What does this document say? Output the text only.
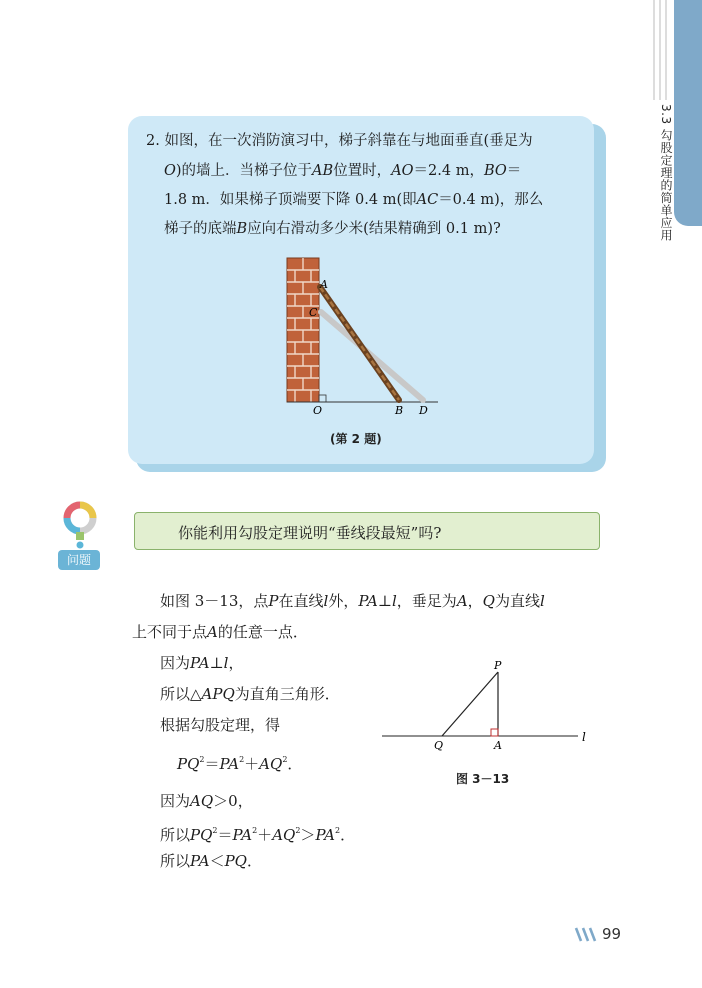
3.3 勾股定理的简单应用
2. 如图，在一次消防演习中，梯子斜靠在与地面垂直(垂足为
O)的墙上．当梯子位于AB位置时，AO＝2.4 m，BO＝
1.8 m．如果梯子顶端要下降 0.4 m(即AC＝0.4 m)，那么
梯子的底端B应向右滑动多少米(结果精确到 0.1 m)?
A
C
O	B D
(第 2 题)
问题
你能利用勾股定理说明“垂线段最短”吗?
如图 3－13，点P在直线l外，PA⊥l，垂足为A，Q为直线l
上不同于点A的任意一点．
因为PA⊥l，
所以△APQ为直角三角形．
根据勾股定理，得
$PQ^2=PA^2+AQ^2$．
因为AQ＞0，
所以$PQ^2=PA^2+AQ^2>PA^2$．
所以PA＜PQ．
P
Q	A
l
图 3－13
99
